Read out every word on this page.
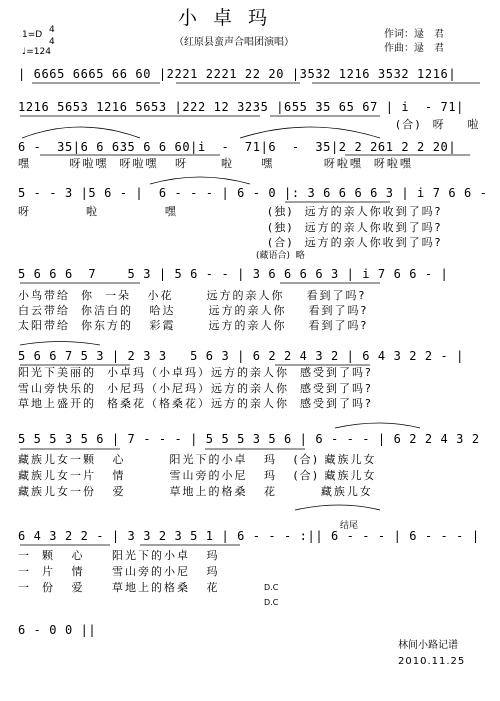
小卓玛
（红原县蛮声合唱团演唱）
1=D 4
4
♩=124
作词：逯　君
作曲：逯　君
| 6665 6665 66 60 |2221 2221 22 20 |3532 1216 3532 1216|
1216 5653 1216 5653 |222 12 3235 |655 35 65 67 | i  - 71|
(合)  呀    啦
6 -  35|6 6 635 6 6 60|i  -  71|6  -  35|2 2 261 2 2 20|
嘿       呀啦嘿  呀啦嘿   呀      啦     嘿         呀啦嘿  呀啦嘿
5 - - 3 |5 6 - |  6 - - - | 6 - 0 |: 3 6 6 6 6 3 | i 7 6 6 -
呀          啦            嘿	(独)  远方的亲人你收到了吗?
(独)  远方的亲人你收到了吗?
(合)  远方的亲人你收到了吗?
(藏语合)  略
5 6 6 6  7    5 3 | 5 6 - - | 3 6 6 6 6 3 | i 7 6 6 - |
小鸟带给  你  一朵   小花      远方的亲人你    看到了吗?
白云带给  你洁白的   哈达      远方的亲人你    看到了吗?
太阳带给  你东方的   彩霞      远方的亲人你    看到了吗?
5 6 6 7 5 3 | 2 3 3   5 6 3 | 6 2 2 4 3 2 | 6 4 3 2 2 - |
阳光下美丽的  小卓玛（小卓玛）远方的亲人你  感受到了吗?
雪山旁快乐的  小尼玛（小尼玛）远方的亲人你  感受到了吗?
草地上盛开的  格桑花（格桑花）远方的亲人你  感受到了吗?
5 5 5 3 5 6 | 7 - - - | 5 5 5 3 5 6 | 6 - - - | 6 2 2 4 3 2
藏族儿女一颗   心        阳光下的小卓   玛   (合) 藏族儿女
藏族儿女一片   情        雪山旁的小尼   玛   (合) 藏族儿女
藏族儿女一份   爱        草地上的格桑   花        藏族儿女
6 4 3 2 2 - | 3 3 2 3 5 1 | 6 - - - :|| 6 - - - | 6 - - - |
结尾
一  颗   心     阳光下的小卓   玛
一  片   情     雪山旁的小尼   玛
一  份   爱     草地上的格桑   花	D.C
D.C
6 - 0 0 ||
林间小路记谱
2010.11.25
